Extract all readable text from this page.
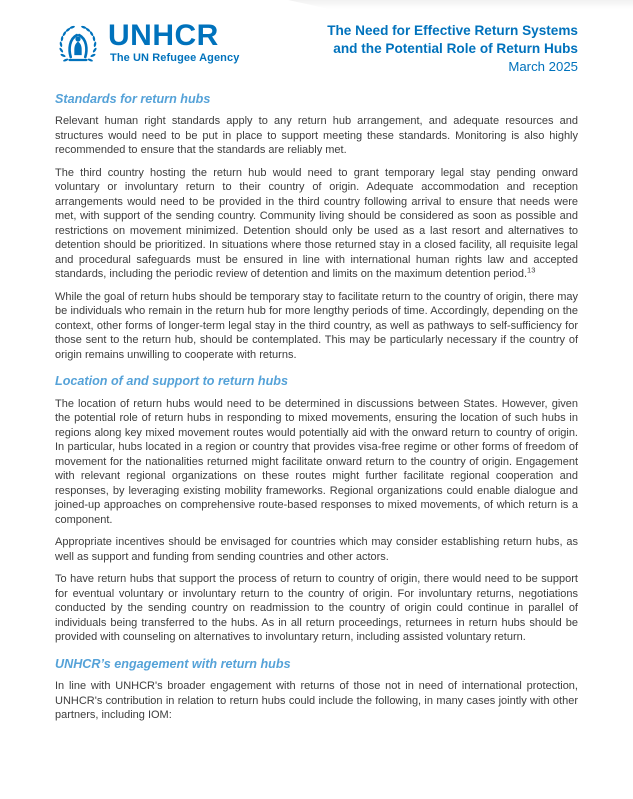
UNHCR
The UN Refugee Agency
The Need for Effective Return Systems
and the Potential Role of Return Hubs
March 2025
Standards for return hubs

Relevant human right standards apply to any return hub arrangement, and adequate resources and structures would need to be put in place to support meeting these standards. Monitoring is also highly recommended to ensure that the standards are reliably met.

The third country hosting the return hub would need to grant temporary legal stay pending onward voluntary or involuntary return to their country of origin. Adequate accommodation and reception arrangements would need to be provided in the third country following arrival to ensure that needs were met, with support of the sending country. Community living should be considered as soon as possible and restrictions on movement minimized. Detention should only be used as a last resort and alternatives to detention should be prioritized. In situations where those returned stay in a closed facility, all requisite legal and procedural safeguards must be ensured in line with international human rights law and accepted standards, including the periodic review of detention and limits on the maximum detention period.$^{13}$

While the goal of return hubs should be temporary stay to facilitate return to the country of origin, there may be individuals who remain in the return hub for more lengthy periods of time. Accordingly, depending on the context, other forms of longer-term legal stay in the third country, as well as pathways to self-sufficiency for those sent to the return hub, should be contemplated. This may be particularly necessary if the country of origin remains unwilling to cooperate with returns.

Location of and support to return hubs

The location of return hubs would need to be determined in discussions between States. However, given the potential role of return hubs in responding to mixed movements, ensuring the location of such hubs in regions along key mixed movement routes would potentially aid with the onward return to country of origin. In particular, hubs located in a region or country that provides visa-free regime or other forms of freedom of movement for the nationalities returned might facilitate onward return to the country of origin. Engagement with relevant regional organizations on these routes might further facilitate regional cooperation and responses, by leveraging existing mobility frameworks. Regional organizations could enable dialogue and joined-up approaches on comprehensive route-based responses to mixed movements, of which return is a component.

Appropriate incentives should be envisaged for countries which may consider establishing return hubs, as well as support and funding from sending countries and other actors.

To have return hubs that support the process of return to country of origin, there would need to be support for eventual voluntary or involuntary return to the country of origin. For involuntary returns, negotiations conducted by the sending country on readmission to the country of origin could continue in parallel of individuals being transferred to the hubs. As in all return proceedings, returnees in return hubs should be provided with counseling on alternatives to involuntary return, including assisted voluntary return.

UNHCR’s engagement with return hubs

In line with UNHCR's broader engagement with returns of those not in need of international protection, UNHCR's contribution in relation to return hubs could include the following, in many cases jointly with other partners, including IOM:
